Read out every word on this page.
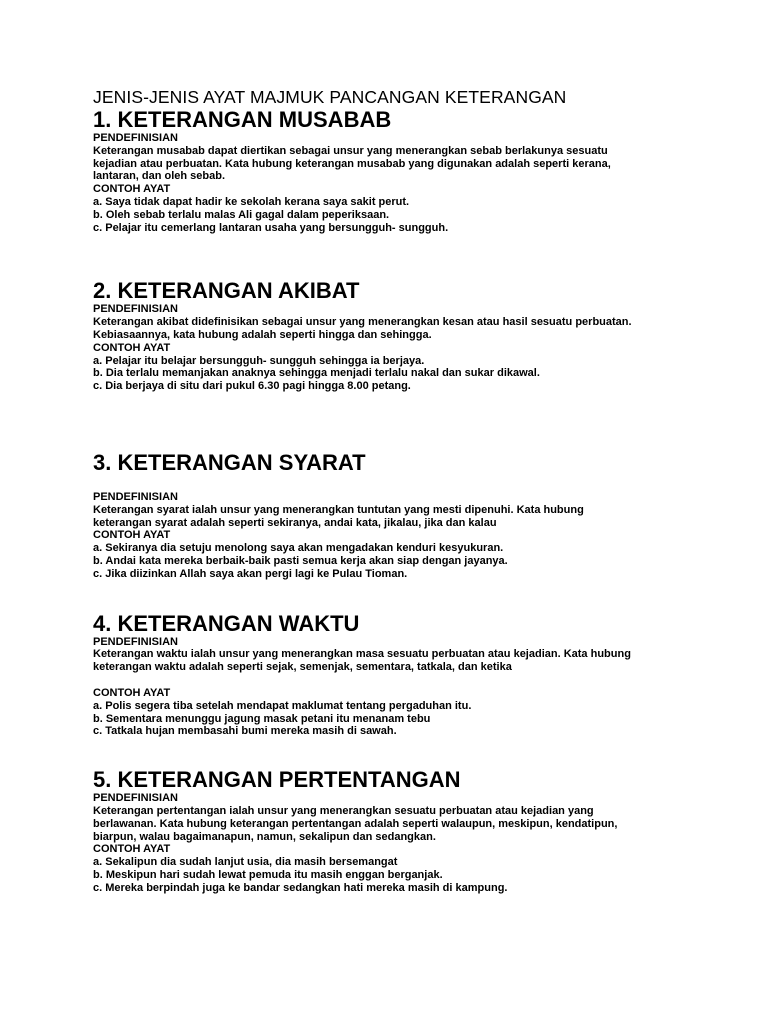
JENIS-JENIS AYAT MAJMUK PANCANGAN KETERANGAN
1. KETERANGAN MUSABAB

PENDEFINISIAN

Keterangan musabab dapat diertikan sebagai unsur yang menerangkan sebab berlakunya sesuatu
kejadian atau perbuatan. Kata hubung keterangan musabab yang digunakan adalah seperti kerana,
lantaran, dan oleh sebab.

CONTOH AYAT

a. Saya tidak dapat hadir ke sekolah kerana saya sakit perut.
b. Oleh sebab terlalu malas Ali gagal dalam peperiksaan.
c. Pelajar itu cemerlang lantaran usaha yang bersungguh- sungguh.
2. KETERANGAN AKIBAT

PENDEFINISIAN

Keterangan akibat didefinisikan sebagai unsur yang menerangkan kesan atau hasil sesuatu perbuatan.
Kebiasaannya, kata hubung adalah seperti hingga dan sehingga.

CONTOH AYAT

a. Pelajar itu belajar bersungguh- sungguh sehingga ia berjaya.
b. Dia terlalu memanjakan anaknya sehingga menjadi terlalu nakal dan sukar dikawal.
c. Dia berjaya di situ dari pukul 6.30 pagi hingga 8.00 petang.
3. KETERANGAN SYARAT

PENDEFINISIAN

Keterangan syarat ialah unsur yang menerangkan tuntutan yang mesti dipenuhi. Kata hubung
keterangan syarat adalah seperti sekiranya, andai kata, jikalau, jika dan kalau

CONTOH AYAT

a. Sekiranya dia setuju menolong saya akan mengadakan kenduri kesyukuran.
b. Andai kata mereka berbaik-baik pasti semua kerja akan siap dengan jayanya.
c. Jika diizinkan Allah saya akan pergi lagi ke Pulau Tioman.
4. KETERANGAN WAKTU

PENDEFINISIAN

Keterangan waktu ialah unsur yang menerangkan masa sesuatu perbuatan atau kejadian. Kata hubung
keterangan waktu adalah seperti sejak, semenjak, sementara, tatkala, dan ketika

CONTOH AYAT

a. Polis segera tiba setelah mendapat maklumat tentang pergaduhan itu.
b. Sementara menunggu jagung masak petani itu menanam tebu
c. Tatkala hujan membasahi bumi mereka masih di sawah.
5. KETERANGAN PERTENTANGAN

PENDEFINISIAN

Keterangan pertentangan ialah unsur yang menerangkan sesuatu perbuatan atau kejadian yang
berlawanan. Kata hubung keterangan pertentangan adalah seperti walaupun, meskipun, kendatipun,
biarpun, walau bagaimanapun, namun, sekalipun dan sedangkan.

CONTOH AYAT

a. Sekalipun dia sudah lanjut usia, dia masih bersemangat
b. Meskipun hari sudah lewat pemuda itu masih enggan berganjak.
c. Mereka berpindah juga ke bandar sedangkan hati mereka masih di kampung.
